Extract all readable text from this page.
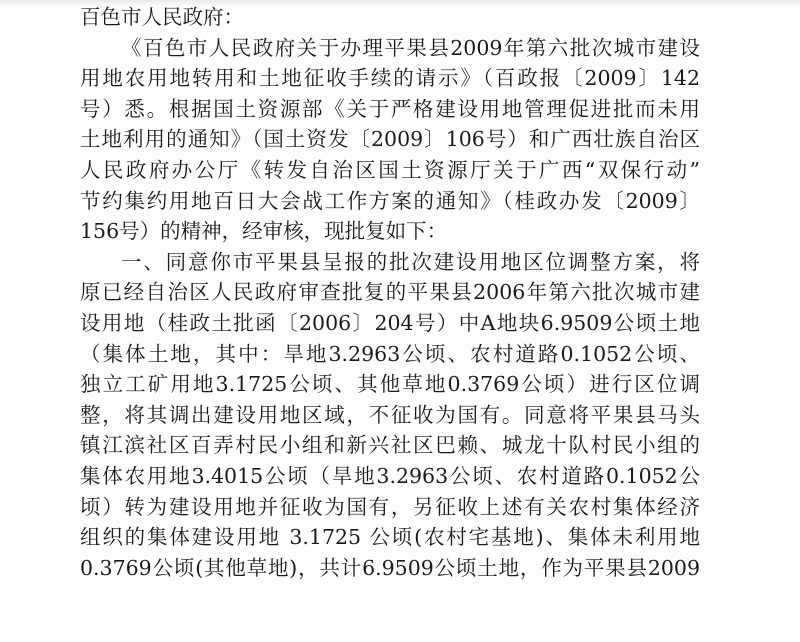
百色市人民政府：
《百色市人民政府关于办理平果县2009年第六批次城市建设
用地农用地转用和土地征收手续的请示》（百政报〔2009〕142
号）悉。根据国土资源部《关于严格建设用地管理促进批而未用
土地利用的通知》（国土资发〔2009〕106号）和广西壮族自治区
人民政府办公厅《转发自治区国土资源厅关于广西“双保行动”
节约集约用地百日大会战工作方案的通知》（桂政办发〔2009〕
156号）的精神，经审核，现批复如下：
一、同意你市平果县呈报的批次建设用地区位调整方案，将
原已经自治区人民政府审查批复的平果县2006年第六批次城市建
设用地（桂政土批函〔2006〕204号）中A地块6.9509公顷土地
（集体土地，其中：旱地3.2963公顷、农村道路0.1052公顷、
独立工矿用地3.1725公顷、其他草地0.3769公顷）进行区位调
整，将其调出建设用地区域，不征收为国有。同意将平果县马头
镇江滨社区百弄村民小组和新兴社区巴赖、城龙十队村民小组的
集体农用地3.4015公顷（旱地3.2963公顷、农村道路0.1052公
顷）转为建设用地并征收为国有，另征收上述有关农村集体经济
组织的集体建设用地 3.1725 公顷(农村宅基地)、集体未利用地
0.3769公顷(其他草地)，共计6.9509公顷土地，作为平果县2009
